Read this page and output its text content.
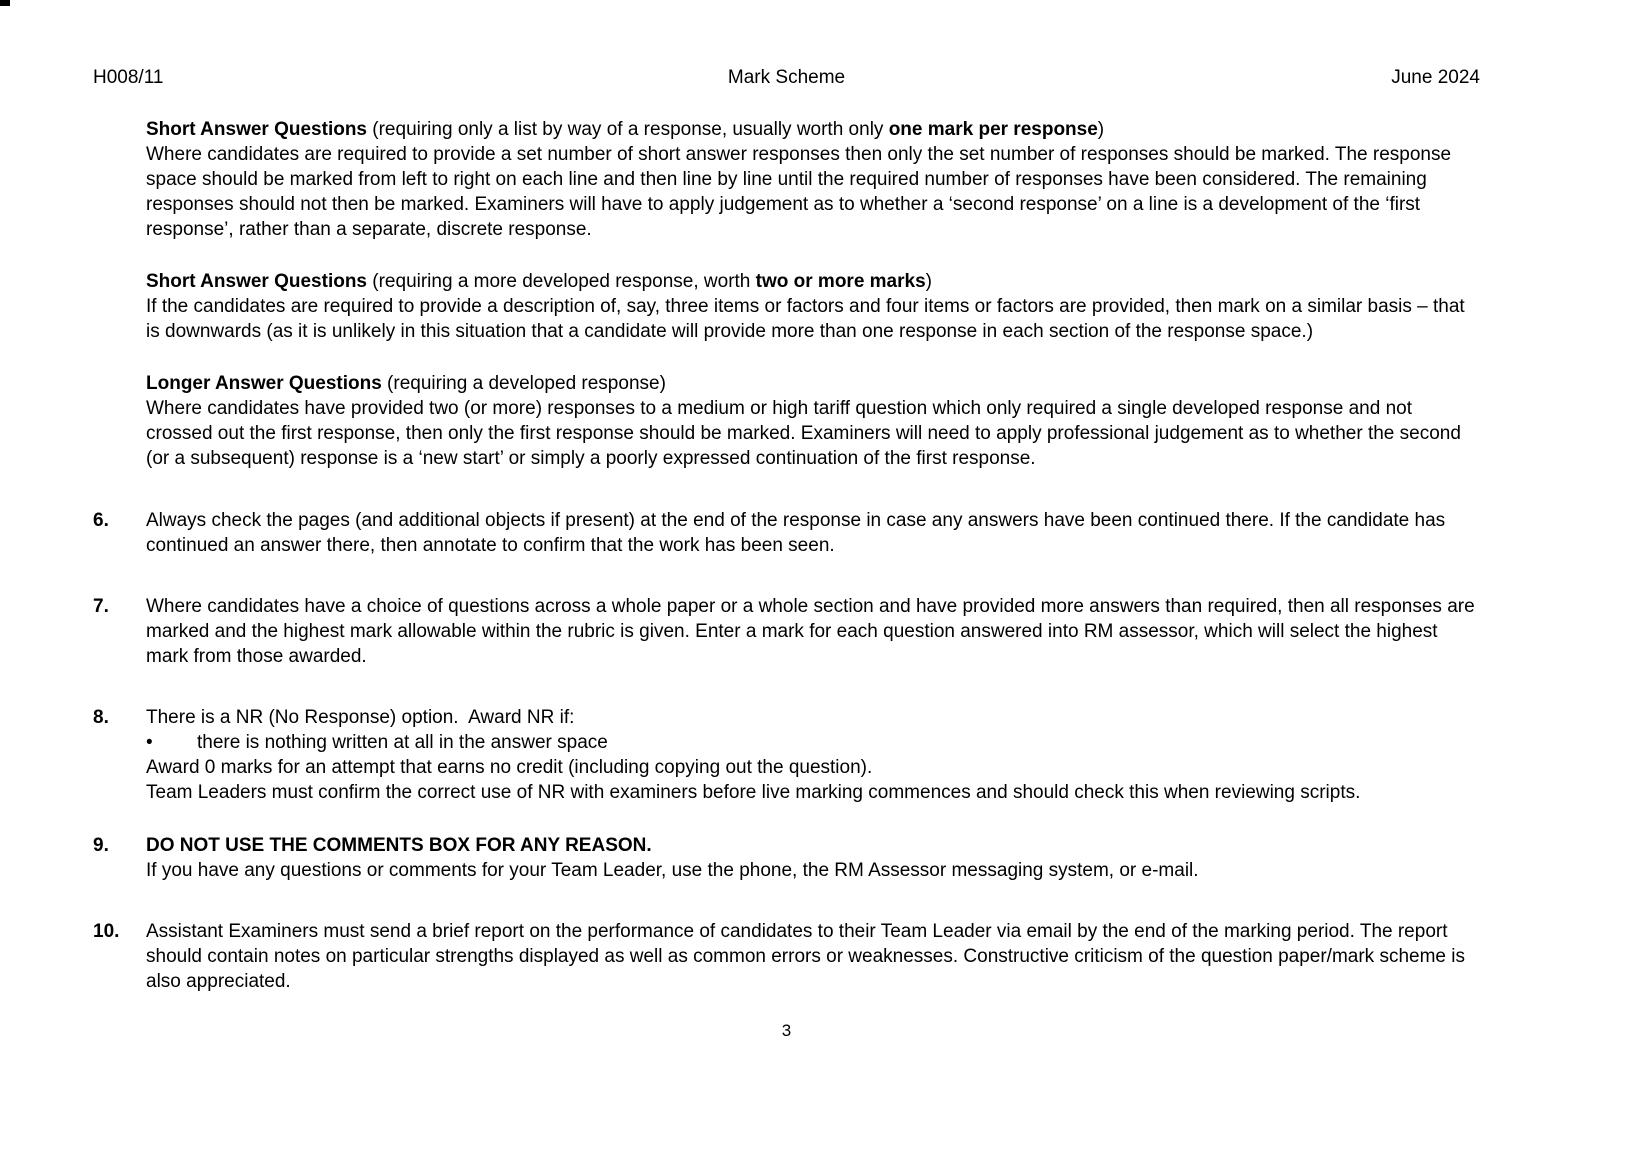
H008/11	Mark Scheme	June 2024

Short Answer Questions (requiring only a list by way of a response, usually worth only one mark per response)

Where candidates are required to provide a set number of short answer responses then only the set number of responses should be marked. The response space should be marked from left to right on each line and then line by line until the required number of responses have been considered. The remaining responses should not then be marked. Examiners will have to apply judgement as to whether a ‘second response’ on a line is a development of the ‘first response’, rather than a separate, discrete response.

Short Answer Questions (requiring a more developed response, worth two or more marks)

If the candidates are required to provide a description of, say, three items or factors and four items or factors are provided, then mark on a similar basis – that is downwards (as it is unlikely in this situation that a candidate will provide more than one response in each section of the response space.)

Longer Answer Questions (requiring a developed response)

Where candidates have provided two (or more) responses to a medium or high tariff question which only required a single developed response and not crossed out the first response, then only the first response should be marked. Examiners will need to apply professional judgement as to whether the second (or a subsequent) response is a ‘new start’ or simply a poorly expressed continuation of the first response.

6.	Always check the pages (and additional objects if present) at the end of the response in case any answers have been continued there. If the candidate has continued an answer there, then annotate to confirm that the work has been seen.

7.	Where candidates have a choice of questions across a whole paper or a whole section and have provided more answers than required, then all responses are marked and the highest mark allowable within the rubric is given. Enter a mark for each question answered into RM assessor, which will select the highest mark from those awarded.

8.	There is a NR (No Response) option.  Award NR if:

•	there is nothing written at all in the answer space

Award 0 marks for an attempt that earns no credit (including copying out the question).

Team Leaders must confirm the correct use of NR with examiners before live marking commences and should check this when reviewing scripts.

9.	DO NOT USE THE COMMENTS BOX FOR ANY REASON.

If you have any questions or comments for your Team Leader, use the phone, the RM Assessor messaging system, or e-mail.

10.	Assistant Examiners must send a brief report on the performance of candidates to their Team Leader via email by the end of the marking period. The report should contain notes on particular strengths displayed as well as common errors or weaknesses. Constructive criticism of the question paper/mark scheme is also appreciated.

3
